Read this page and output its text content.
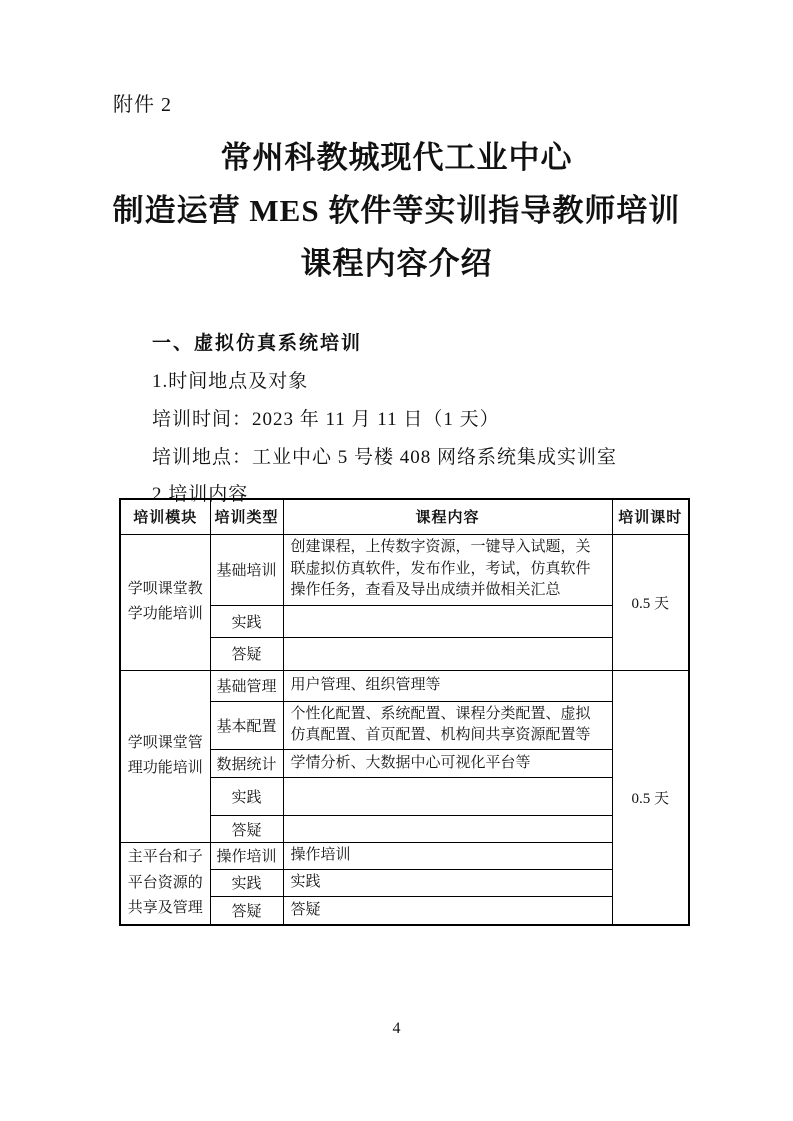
附件 2
常州科教城现代工业中心
制造运营 MES 软件等实训指导教师培训
课程内容介绍
一、虚拟仿真系统培训
1.时间地点及对象
培训时间：2023 年 11 月 11 日（1 天）
培训地点：工业中心 5 号楼 408 网络系统集成实训室
2.培训内容
培训模块	培训类型	课程内容	培训课时
学呗课堂教学功能培训	基础培训	创建课程，上传数字资源，一键导入试题，关联虚拟仿真软件，发布作业，考试，仿真软件操作任务，查看及导出成绩并做相关汇总	0.5 天
	实践		
	答疑		
学呗课堂管理功能培训	基础管理	用户管理、组织管理等	0.5 天
	基本配置	个性化配置、系统配置、课程分类配置、虚拟仿真配置、首页配置、机构间共享资源配置等	
	数据统计	学情分析、大数据中心可视化平台等	
	实践		
	答疑		
主平台和子平台资源的共享及管理	操作培训	操作培训	
	实践	实践	
	答疑	答疑	
4
